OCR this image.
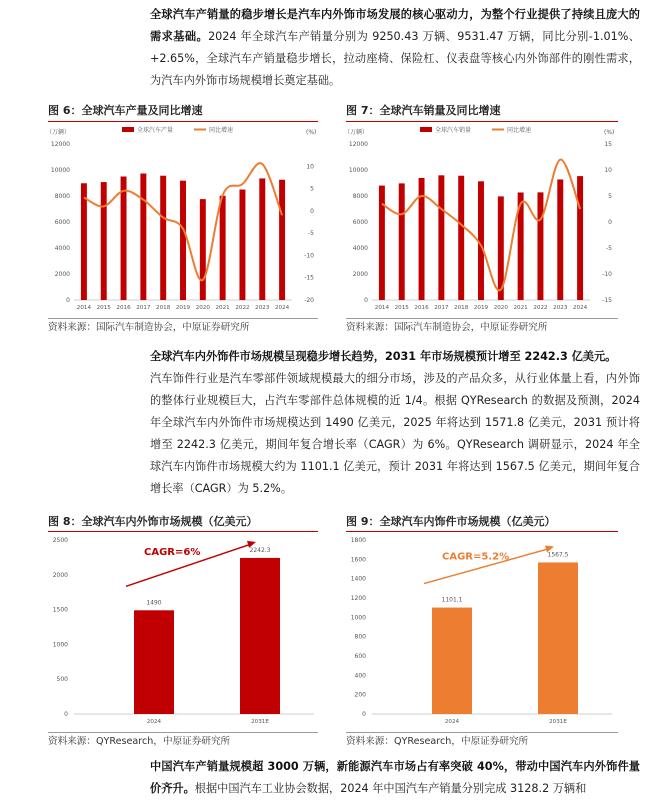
全球汽车产销量的稳步增长是汽车内外饰市场发展的核心驱动力，为整个行业提供了持续且庞大的需求基础。2024 年全球汽车产销量分别为 9250.43 万辆、9531.47 万辆，同比分别-1.01%、+2.65%，全球汽车产销量稳步增长，拉动座椅、保险杠、仪表盘等核心内外饰部件的刚性需求，为汽车内外饰市场规模增长奠定基础。
图 6：全球汽车产量及同比增速	图 7：全球汽车销量及同比增速
（万辆）	(%)
全球汽车产量	同比增速
0
2000
4000
6000
8000
10000
12000
-20
-15
-10
-5
0
5
10
2014 2015 2016 2017 2018 2019 2020 2021 2022 2023 2024
（万辆）	(%)
全球汽车销量	同比增速
0
2000
4000
6000
8000
10000
12000
-15
-10
-5
0
5
10
15
2014 2015 2016 2017 2018 2019 2020 2021 2022 2023 2024
资料来源：国际汽车制造协会，中原证券研究所	资料来源：国际汽车制造协会，中原证券研究所
全球汽车内外饰件市场规模呈现稳步增长趋势，2031 年市场规模预计增至 2242.3 亿美元。
汽车饰件行业是汽车零部件领域规模最大的细分市场，涉及的产品众多，从行业体量上看，内外饰的整体行业规模巨大，占汽车零部件总体规模的近 1/4。根据 QYResearch 的数据及预测，2024 年全球汽车内外饰件市场规模达到 1490 亿美元，2025 年将达到 1571.8 亿美元，2031 预计将增至 2242.3 亿美元，期间年复合增长率（CAGR）为 6%。QYResearch 调研显示，2024 年全球汽车内饰件市场规模大约为 1101.1 亿美元，预计 2031 年将达到 1567.5 亿美元，期间年复合增长率（CAGR）为 5.2%。
图 8：全球汽车内外饰市场规模（亿美元）	图 9：全球汽车内饰件市场规模（亿美元）
0
500
1000
1500
2000
2500
1490
2024
2242.3
2031E
CAGR=6%
0
200
400
600
800
1000
1200
1400
1600
1800
1101.1
2024
1567.5
2031E
CAGR=5.2%
资料来源：QYResearch，中原证券研究所	资料来源：QYResearch，中原证券研究所
中国汽车产销量规模超 3000 万辆，新能源汽车市场占有率突破 40%，带动中国汽车内外饰件量价齐升。根据中国汽车工业协会数据，2024 年中国汽车产销量分别完成 3128.2 万辆和
